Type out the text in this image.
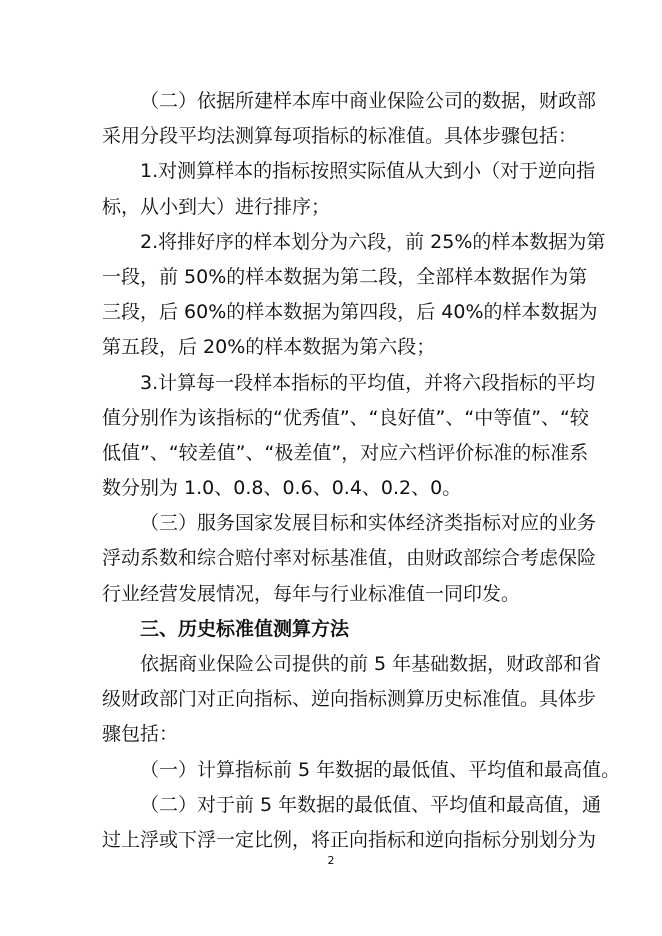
（二）依据所建样本库中商业保险公司的数据，财政部
采用分段平均法测算每项指标的标准值。具体步骤包括：
1.对测算样本的指标按照实际值从大到小（对于逆向指
标，从小到大）进行排序；
2.将排好序的样本划分为六段，前 25%的样本数据为第
一段，前 50%的样本数据为第二段，全部样本数据作为第
三段，后 60%的样本数据为第四段，后 40%的样本数据为
第五段，后 20%的样本数据为第六段；
3.计算每一段样本指标的平均值，并将六段指标的平均
值分别作为该指标的“优秀值”、“良好值”、“中等值”、“较
低值”、“较差值”、“极差值”，对应六档评价标准的标准系
数分别为 1.0、0.8、0.6、0.4、0.2、0。
（三）服务国家发展目标和实体经济类指标对应的业务
浮动系数和综合赔付率对标基准值，由财政部综合考虑保险
行业经营发展情况，每年与行业标准值一同印发。
三、历史标准值测算方法
依据商业保险公司提供的前 5 年基础数据，财政部和省
级财政部门对正向指标、逆向指标测算历史标准值。具体步
骤包括：
（一）计算指标前 5 年数据的最低值、平均值和最高值。
（二）对于前 5 年数据的最低值、平均值和最高值，通
过上浮或下浮一定比例，将正向指标和逆向指标分别划分为
2
